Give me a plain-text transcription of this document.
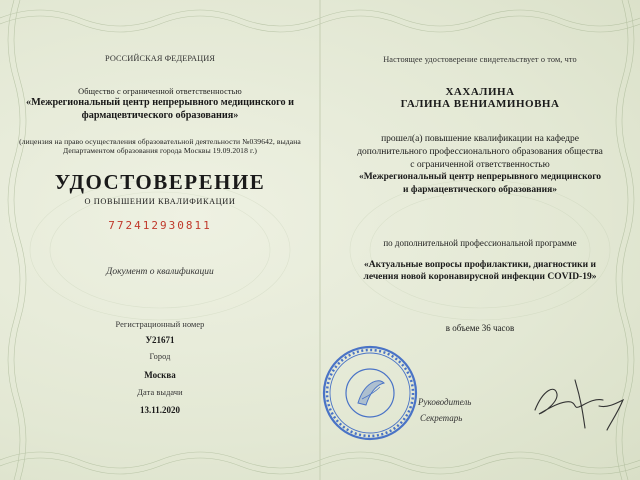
РОССИЙСКАЯ ФЕДЕРАЦИЯ
Общество с ограниченной ответственностью
«Межрегиональный центр непрерывного медицинского и
фармацевтического образования»
(лицензия на право осуществления образовательной деятельности №039642, выдана
Департаментом образования города Москвы 19.09.2018 г.)
УДОСТОВЕРЕНИЕ
О ПОВЫШЕНИИ КВАЛИФИКАЦИИ
772412930811
Документ о квалификации
Регистрационный номер
У21671
Город
Москва
Дата выдачи
13.11.2020
Настоящее удостоверение свидетельствует о том, что
ХАХАЛИНА
ГАЛИНА ВЕНИАМИНОВНА
прошел(а) повышение квалификации на кафедре
дополнительного профессионального образования общества
с ограниченной ответственностью
«Межрегиональный центр непрерывного медицинского
и фармацевтического образования»
по дополнительной профессиональной программе
«Актуальные вопросы профилактики, диагностики и
лечения новой коронавирусной инфекции COVID-19»
в объеме 36 часов
Руководитель
Секретарь
